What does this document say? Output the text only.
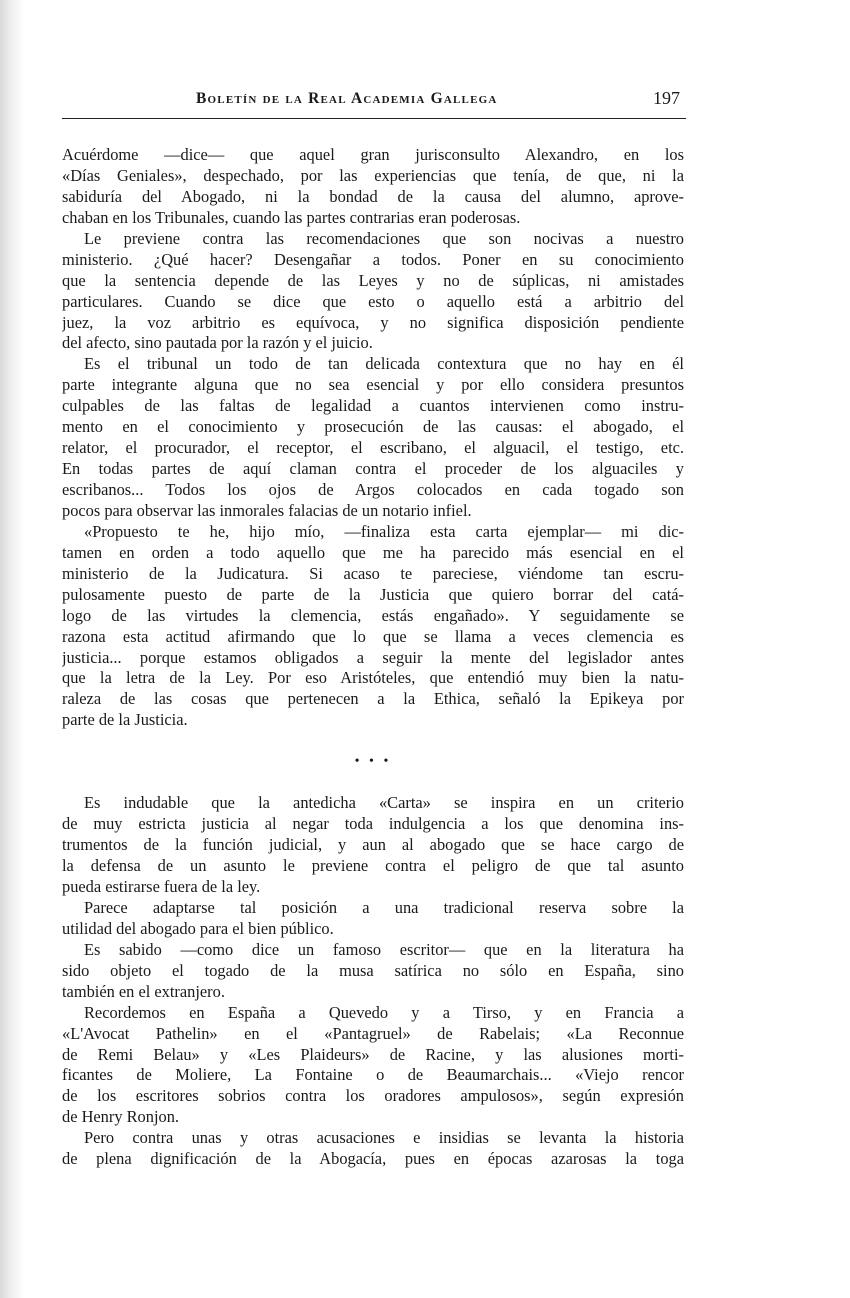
Boletín de la Real Academia Gallega	197
Acuérdome —dice— que aquel gran jurisconsulto Alexandro, en los
«Días Geniales», despechado, por las experiencias que tenía, de que, ni la
sabiduría del Abogado, ni la bondad de la causa del alumno, aprove-
chaban en los Tribunales, cuando las partes contrarias eran poderosas.
Le previene contra las recomendaciones que son nocivas a nuestro
ministerio. ¿Qué hacer? Desengañar a todos. Poner en su conocimiento
que la sentencia depende de las Leyes y no de súplicas, ni amistades
particulares. Cuando se dice que esto o aquello está a arbitrio del
juez, la voz arbitrio es equívoca, y no significa disposición pendiente
del afecto, sino pautada por la razón y el juicio.
Es el tribunal un todo de tan delicada contextura que no hay en él
parte integrante alguna que no sea esencial y por ello considera presuntos
culpables de las faltas de legalidad a cuantos intervienen como instru-
mento en el conocimiento y prosecución de las causas: el abogado, el
relator, el procurador, el receptor, el escribano, el alguacil, el testigo, etc.
En todas partes de aquí claman contra el proceder de los alguaciles y
escribanos... Todos los ojos de Argos colocados en cada togado son
pocos para observar las inmorales falacias de un notario infiel.
«Propuesto te he, hijo mío, —finaliza esta carta ejemplar— mi dic-
tamen en orden a todo aquello que me ha parecido más esencial en el
ministerio de la Judicatura. Si acaso te pareciese, viéndome tan escru-
pulosamente puesto de parte de la Justicia que quiero borrar del catá-
logo de las virtudes la clemencia, estás engañado». Y seguidamente se
razona esta actitud afirmando que lo que se llama a veces clemencia es
justicia... porque estamos obligados a seguir la mente del legislador antes
que la letra de la Ley. Por eso Aristóteles, que entendió muy bien la natu-
raleza de las cosas que pertenecen a la Ethica, señaló la Epikeya por
parte de la Justicia.
• • •
Es indudable que la antedicha «Carta» se inspira en un criterio
de muy estricta justicia al negar toda indulgencia a los que denomina ins-
trumentos de la función judicial, y aun al abogado que se hace cargo de
la defensa de un asunto le previene contra el peligro de que tal asunto
pueda estirarse fuera de la ley.
Parece adaptarse tal posición a una tradicional reserva sobre la
utilidad del abogado para el bien público.
Es sabido —como dice un famoso escritor— que en la literatura ha
sido objeto el togado de la musa satírica no sólo en España, sino
también en el extranjero.
Recordemos en España a Quevedo y a Tirso, y en Francia a
«L'Avocat Pathelin» en el «Pantagruel» de Rabelais; «La Reconnue
de Remi Belau» y «Les Plaideurs» de Racine, y las alusiones morti-
ficantes de Moliere, La Fontaine o de Beaumarchais... «Viejo rencor
de los escritores sobrios contra los oradores ampulosos», según expresión
de Henry Ronjon.
Pero contra unas y otras acusaciones e insidias se levanta la historia
de plena dignificación de la Abogacía, pues en épocas azarosas la toga
